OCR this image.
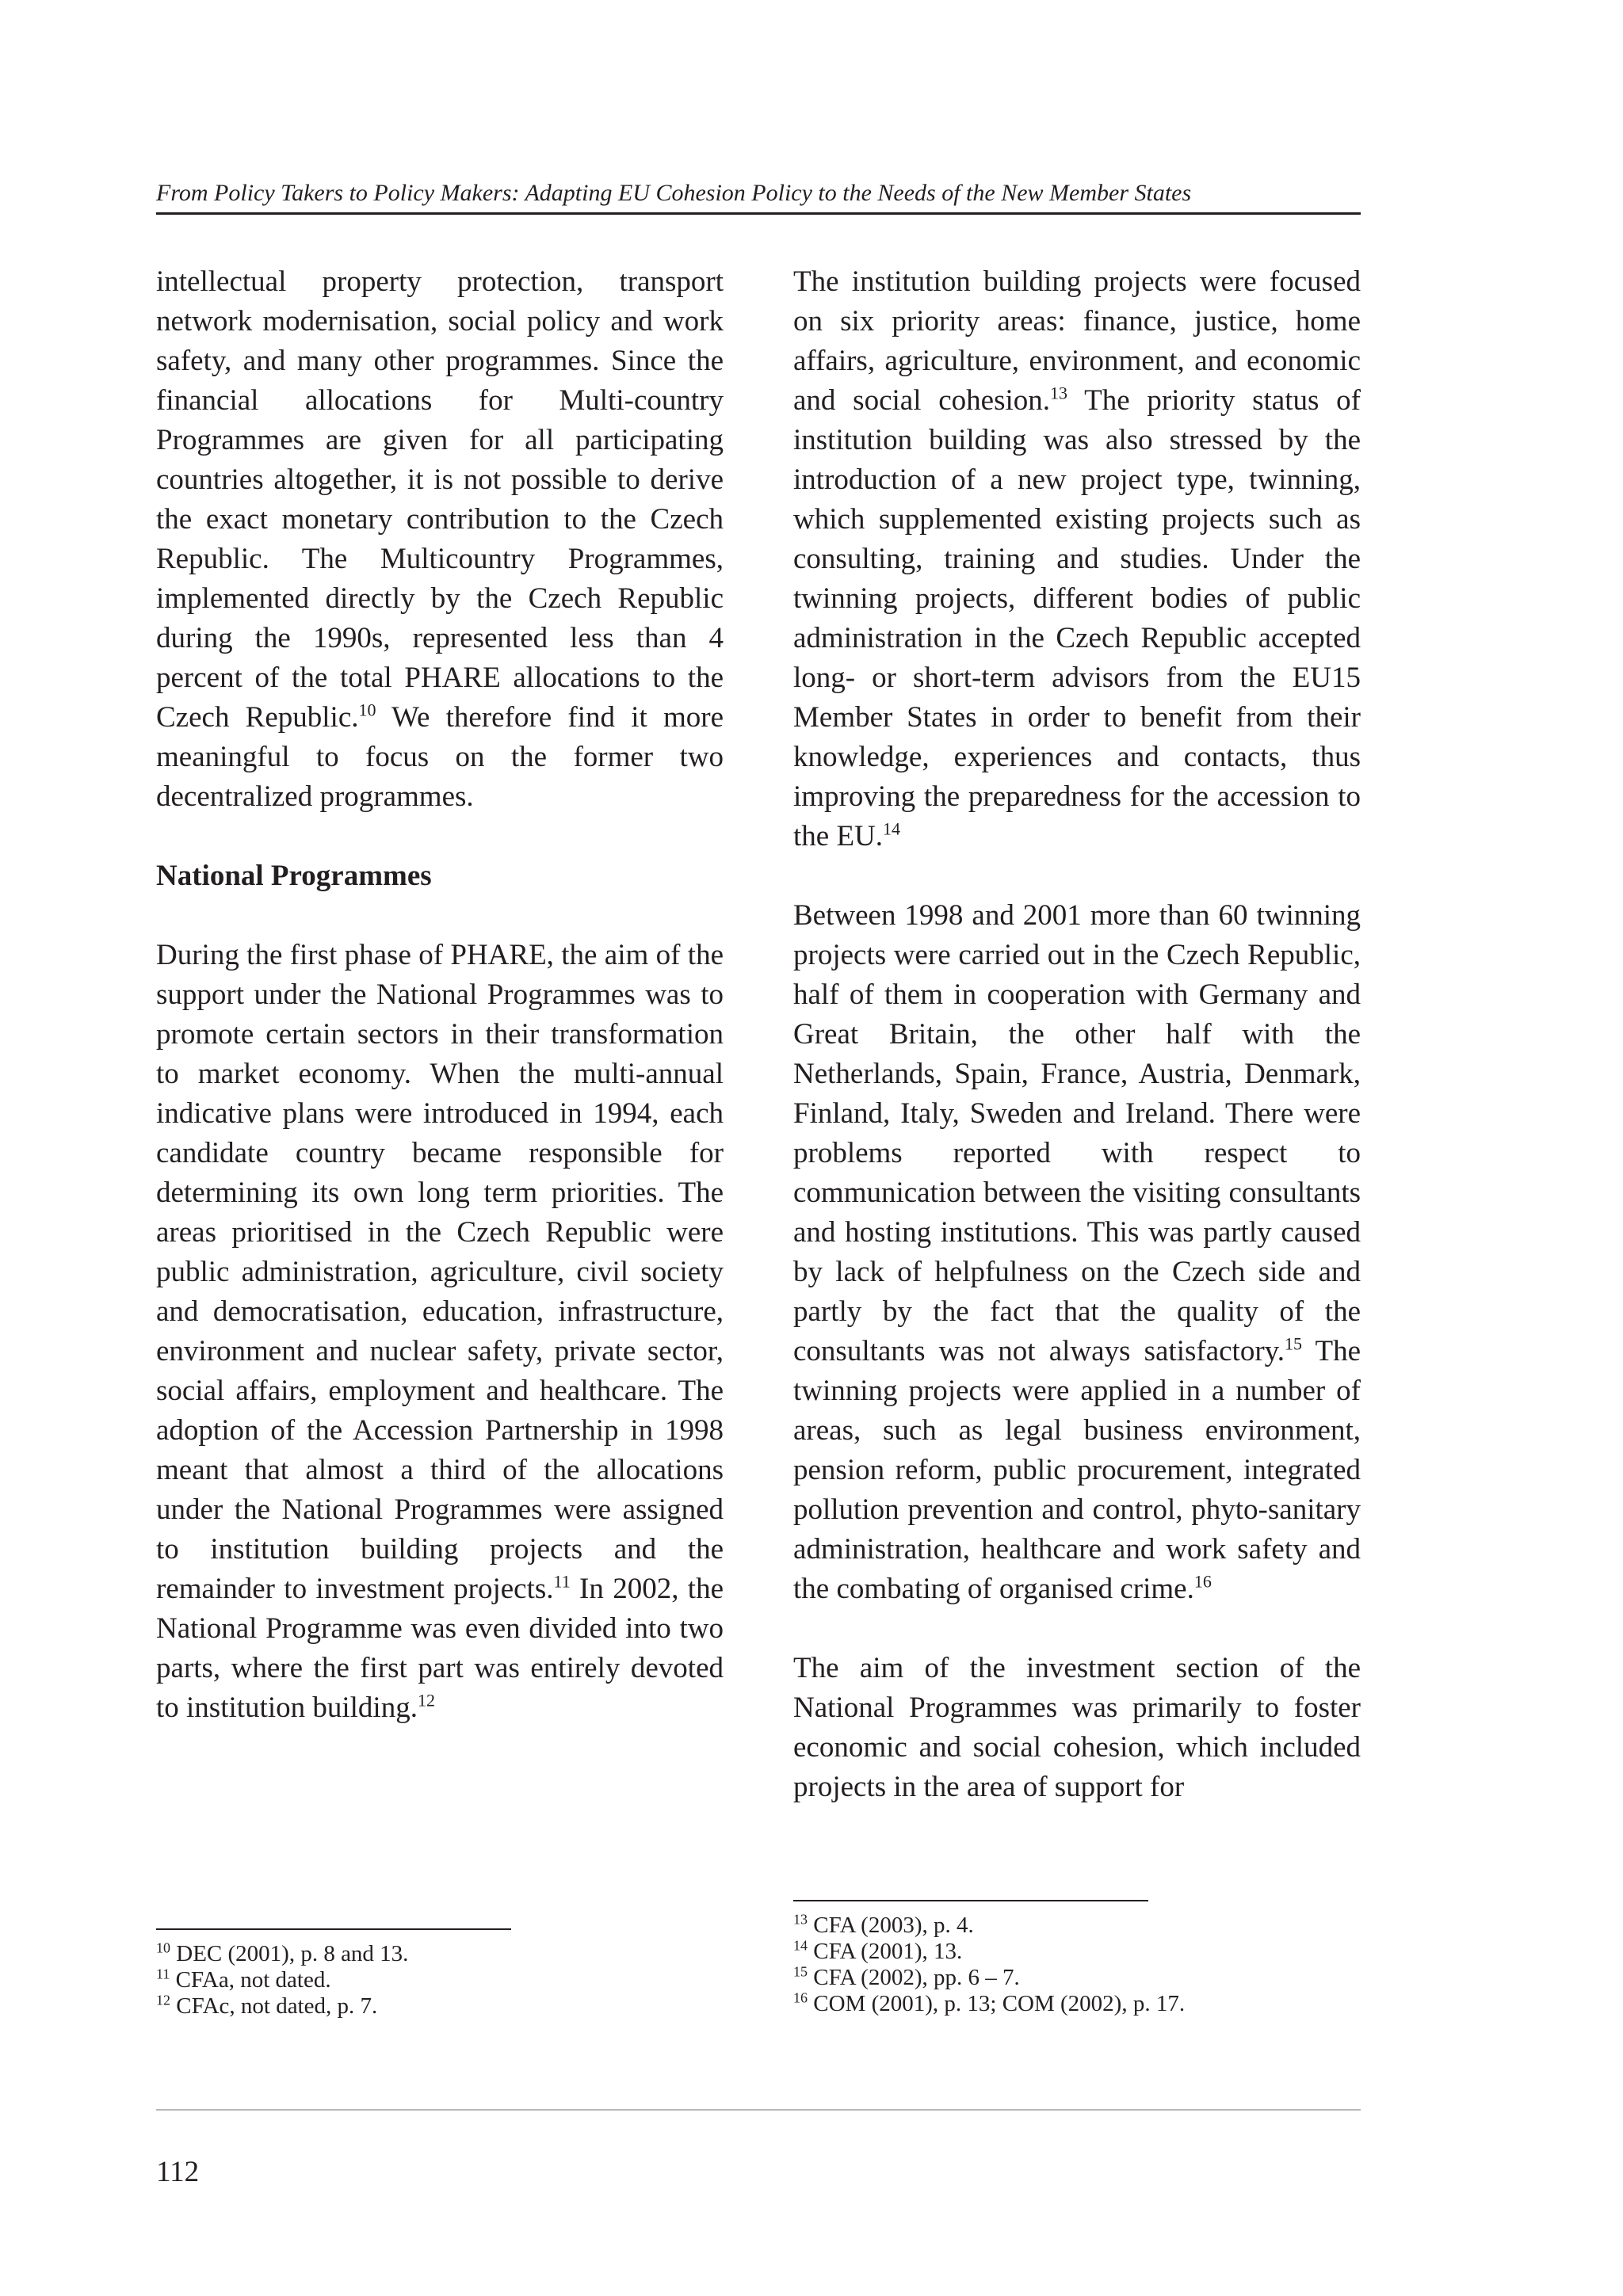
From Policy Takers to Policy Makers: Adapting EU Cohesion Policy to the Needs of the New Member States

intellectual property protection, transport network modernisation, social policy and work safety, and many other programmes. Since the financial allocations for Multi-country Programmes are given for all participating countries altogether, it is not possible to derive the exact monetary contribution to the Czech Republic. The Multicountry Programmes, implemented directly by the Czech Republic during the 1990s, represented less than 4 percent of the total PHARE allocations to the Czech Republic.$^{10}$ We therefore find it more meaningful to focus on the former two decentralized programmes.

National Programmes

During the first phase of PHARE, the aim of the support under the National Programmes was to promote certain sectors in their transformation to market economy. When the multi-annual indicative plans were introduced in 1994, each candidate country became responsible for determining its own long term priorities. The areas prioritised in the Czech Republic were public administration, agriculture, civil society and democratisation, education, infrastructure, environment and nuclear safety, private sector, social affairs, employment and healthcare. The adoption of the Accession Partnership in 1998 meant that almost a third of the allocations under the National Programmes were assigned to institution building projects and the remainder to investment projects.$^{11}$ In 2002, the National Programme was even divided into two parts, where the first part was entirely devoted to institution building.$^{12}$

The institution building projects were focused on six priority areas: finance, justice, home affairs, agriculture, environment, and economic and social cohesion.$^{13}$ The priority status of institution building was also stressed by the introduction of a new project type, twinning, which supplemented existing projects such as consulting, training and studies. Under the twinning projects, different bodies of public administration in the Czech Republic accepted long- or short-term advisors from the EU15 Member States in order to benefit from their knowledge, experiences and contacts, thus improving the preparedness for the accession to the EU.$^{14}$

Between 1998 and 2001 more than 60 twinning projects were carried out in the Czech Republic, half of them in cooperation with Germany and Great Britain, the other half with the Netherlands, Spain, France, Austria, Denmark, Finland, Italy, Sweden and Ireland. There were problems reported with respect to communication between the visiting consultants and hosting institutions. This was partly caused by lack of helpfulness on the Czech side and partly by the fact that the quality of the consultants was not always satisfactory.$^{15}$ The twinning projects were applied in a number of areas, such as legal business environment, pension reform, public procurement, integrated pollution prevention and control, phyto-sanitary administration, healthcare and work safety and the combating of organised crime.$^{16}$

The aim of the investment section of the National Programmes was primarily to foster economic and social cohesion, which included projects in the area of support for

$^{10}$ DEC (2001), p. 8 and 13.

$^{11}$ CFAa, not dated.

$^{12}$ CFAc, not dated, p. 7.

$^{13}$ CFA (2003), p. 4.

$^{14}$ CFA (2001), 13.

$^{15}$ CFA (2002), pp. 6 – 7.

$^{16}$ COM (2001), p. 13; COM (2002), p. 17.

112
